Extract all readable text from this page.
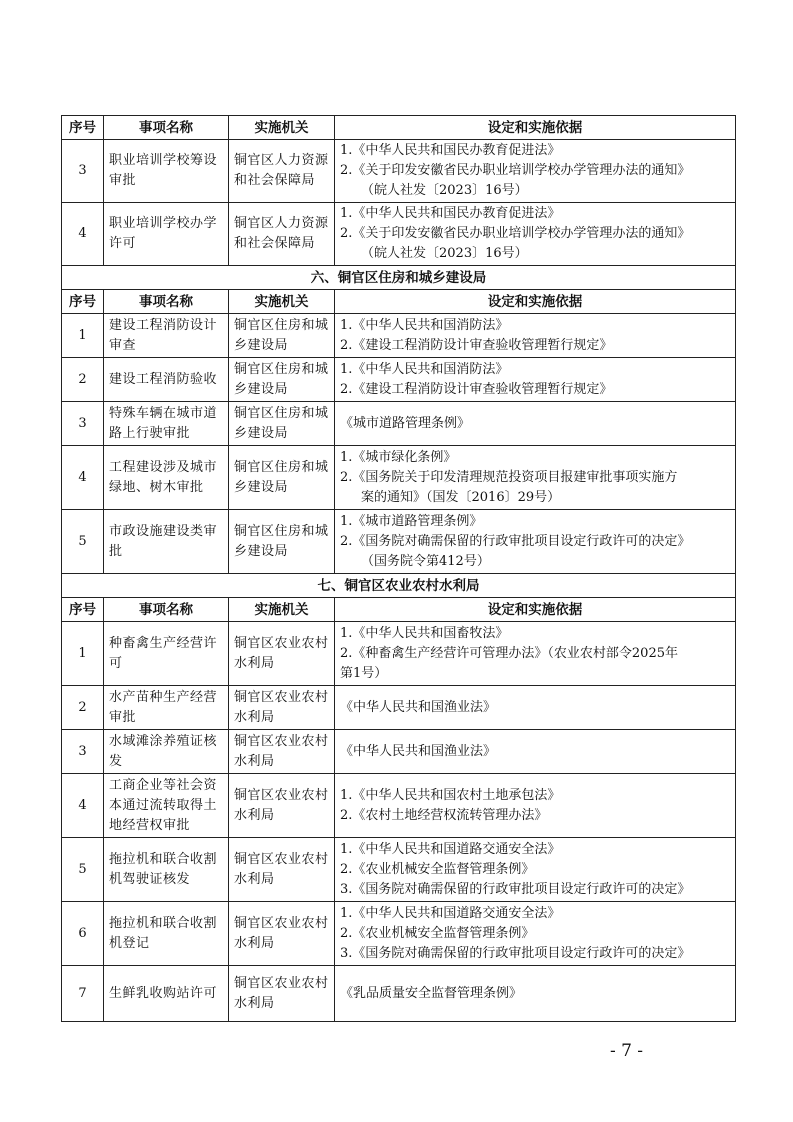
序号	事项名称	实施机关	设定和实施依据
3	职业培训学校筹设审批	铜官区人力资源和社会保障局	1.《中华人民共和国民办教育促进法》
2.《关于印发安徽省民办职业培训学校办学管理办法的通知》
（皖人社发〔2023〕16号）

4	职业培训学校办学许可	铜官区人力资源和社会保障局	1.《中华人民共和国民办教育促进法》
2.《关于印发安徽省民办职业培训学校办学管理办法的通知》
（皖人社发〔2023〕16号）

六、铜官区住房和城乡建设局			
序号	事项名称	实施机关	设定和实施依据
1	建设工程消防设计审查	铜官区住房和城乡建设局	1.《中华人民共和国消防法》
2.《建设工程消防设计审查验收管理暂行规定》

2	建设工程消防验收	铜官区住房和城乡建设局	1.《中华人民共和国消防法》
2.《建设工程消防设计审查验收管理暂行规定》

3	特殊车辆在城市道路上行驶审批	铜官区住房和城乡建设局	《城市道路管理条例》

4	工程建设涉及城市绿地、树木审批	铜官区住房和城乡建设局	1.《城市绿化条例》
2.《国务院关于印发清理规范投资项目报建审批事项实施方
案的通知》（国发〔2016〕29号）

5	市政设施建设类审批	铜官区住房和城乡建设局	1.《城市道路管理条例》
2.《国务院对确需保留的行政审批项目设定行政许可的决定》
（国务院令第412号）

七、铜官区农业农村水利局			
序号	事项名称	实施机关	设定和实施依据
1	种畜禽生产经营许可	铜官区农业农村水利局	1.《中华人民共和国畜牧法》
2.《种畜禽生产经营许可管理办法》（农业农村部令2025年
第1号）

2	水产苗种生产经营审批	铜官区农业农村水利局	《中华人民共和国渔业法》

3	水域滩涂养殖证核发	铜官区农业农村水利局	《中华人民共和国渔业法》

4	工商企业等社会资本通过流转取得土地经营权审批	铜官区农业农村水利局	1.《中华人民共和国农村土地承包法》
2.《农村土地经营权流转管理办法》

5	拖拉机和联合收割机驾驶证核发	铜官区农业农村水利局	1.《中华人民共和国道路交通安全法》
2.《农业机械安全监督管理条例》
3.《国务院对确需保留的行政审批项目设定行政许可的决定》

6	拖拉机和联合收割机登记	铜官区农业农村水利局	1.《中华人民共和国道路交通安全法》
2.《农业机械安全监督管理条例》
3.《国务院对确需保留的行政审批项目设定行政许可的决定》

7	生鲜乳收购站许可	铜官区农业农村水利局	《乳品质量安全监督管理条例》
- 7 -
